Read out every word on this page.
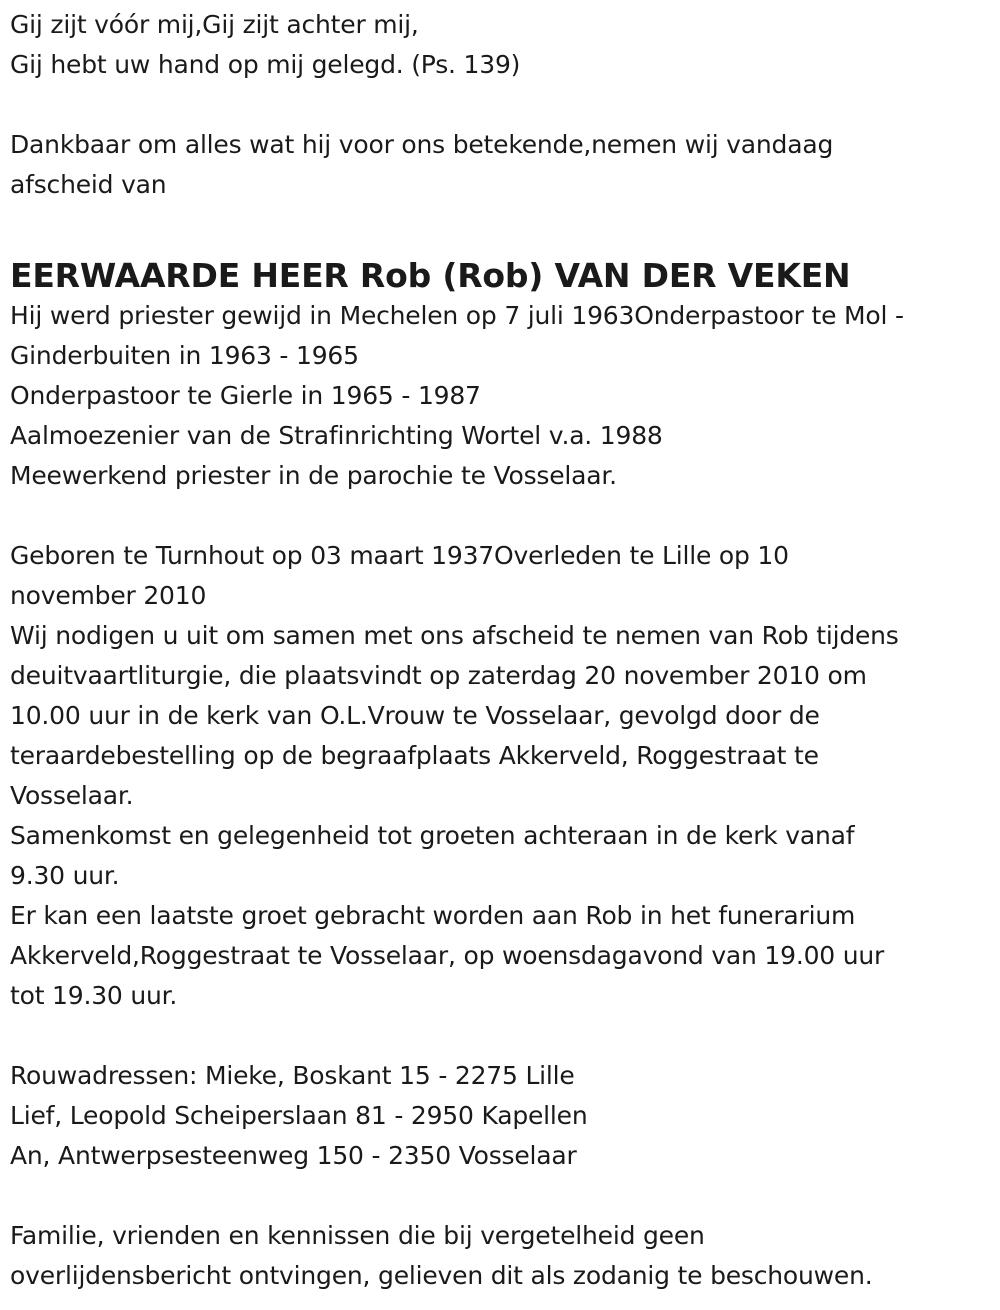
Gij zijt vóór mij,Gij zijt achter mij,
Gij hebt uw hand op mij gelegd. (Ps. 139)
Dankbaar om alles wat hij voor ons betekende,nemen wij vandaag
afscheid van
EERWAARDE HEER Rob (Rob) VAN DER VEKEN
Hij werd priester gewijd in Mechelen op 7 juli 1963Onderpastoor te Mol -
Ginderbuiten in 1963 - 1965
Onderpastoor te Gierle in 1965 - 1987
Aalmoezenier van de Strafinrichting Wortel v.a. 1988
Meewerkend priester in de parochie te Vosselaar.
Geboren te Turnhout op 03 maart 1937Overleden te Lille op 10
november 2010
Wij nodigen u uit om samen met ons afscheid te nemen van Rob tijdens
deuitvaartliturgie, die plaatsvindt op zaterdag 20 november 2010 om
10.00 uur in de kerk van O.L.Vrouw te Vosselaar, gevolgd door de
teraardebestelling op de begraafplaats Akkerveld, Roggestraat te
Vosselaar.
Samenkomst en gelegenheid tot groeten achteraan in de kerk vanaf
9.30 uur.
Er kan een laatste groet gebracht worden aan Rob in het funerarium
Akkerveld,Roggestraat te Vosselaar, op woensdagavond van 19.00 uur
tot 19.30 uur.
Rouwadressen: Mieke, Boskant 15 - 2275 Lille
Lief, Leopold Scheiperslaan 81 - 2950 Kapellen
An, Antwerpsesteenweg 150 - 2350 Vosselaar
Familie, vrienden en kennissen die bij vergetelheid geen
overlijdensbericht ontvingen, gelieven dit als zodanig te beschouwen.
